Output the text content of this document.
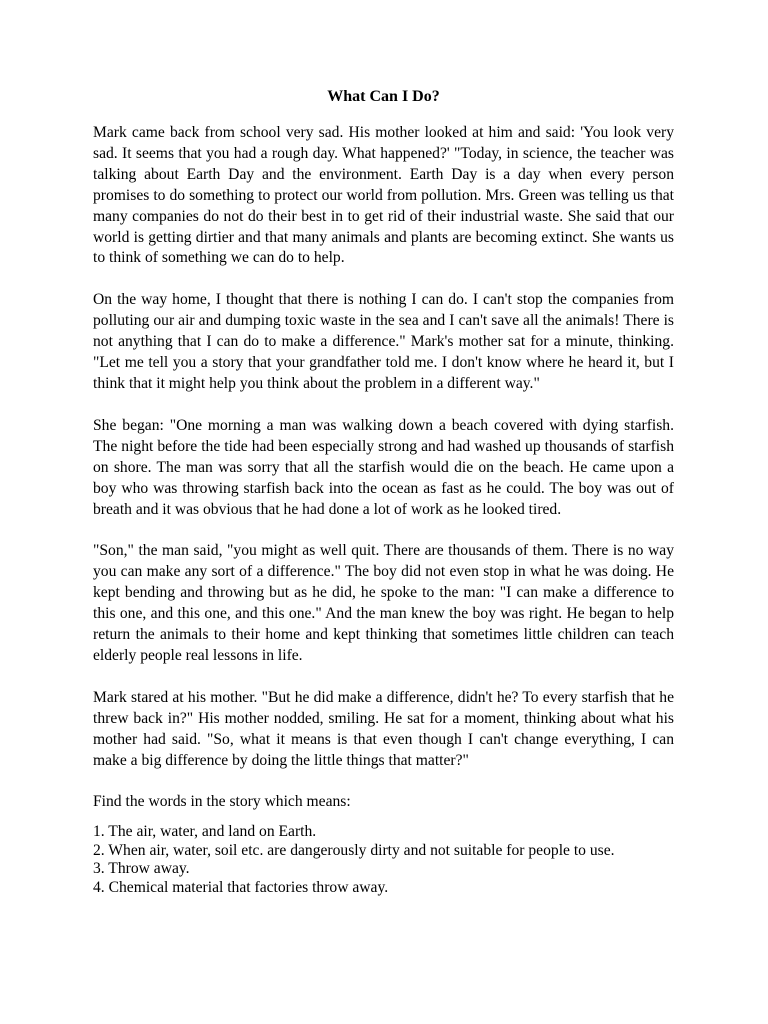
What Can I Do?

Mark came back from school very sad. His mother looked at him and said: 'You look very sad. It seems that you had a rough day. What happened?' "Today, in science, the teacher was talking about Earth Day and the environment. Earth Day is a day when every person promises to do something to protect our world from pollution. Mrs. Green was telling us that many companies do not do their best in to get rid of their industrial waste. She said that our world is getting dirtier and that many animals and plants are becoming extinct. She wants us to think of something we can do to help.

On the way home, I thought that there is nothing I can do. I can't stop the companies from polluting our air and dumping toxic waste in the sea and I can't save all the animals! There is not anything that I can do to make a difference." Mark's mother sat for a minute, thinking. "Let me tell you a story that your grandfather told me. I don't know where he heard it, but I think that it might help you think about the problem in a different way."

She began: "One morning a man was walking down a beach covered with dying starfish. The night before the tide had been especially strong and had washed up thousands of starfish on shore. The man was sorry that all the starfish would die on the beach. He came upon a boy who was throwing starfish back into the ocean as fast as he could. The boy was out of breath and it was obvious that he had done a lot of work as he looked tired.

"Son," the man said, "you might as well quit. There are thousands of them. There is no way you can make any sort of a difference." The boy did not even stop in what he was doing. He kept bending and throwing but as he did, he spoke to the man: "I can make a difference to this one, and this one, and this one." And the man knew the boy was right. He began to help return the animals to their home and kept thinking that sometimes little children can teach elderly people real lessons in life.

Mark stared at his mother. "But he did make a difference, didn't he? To every starfish that he threw back in?" His mother nodded, smiling. He sat for a moment, thinking about what his mother had said. "So, what it means is that even though I can't change everything, I can make a big difference by doing the little things that matter?"

Find the words in the story which means:

1. The air, water, and land on Earth.
2. When air, water, soil etc. are dangerously dirty and not suitable for people to use.
3. Throw away.
4. Chemical material that factories throw away.
